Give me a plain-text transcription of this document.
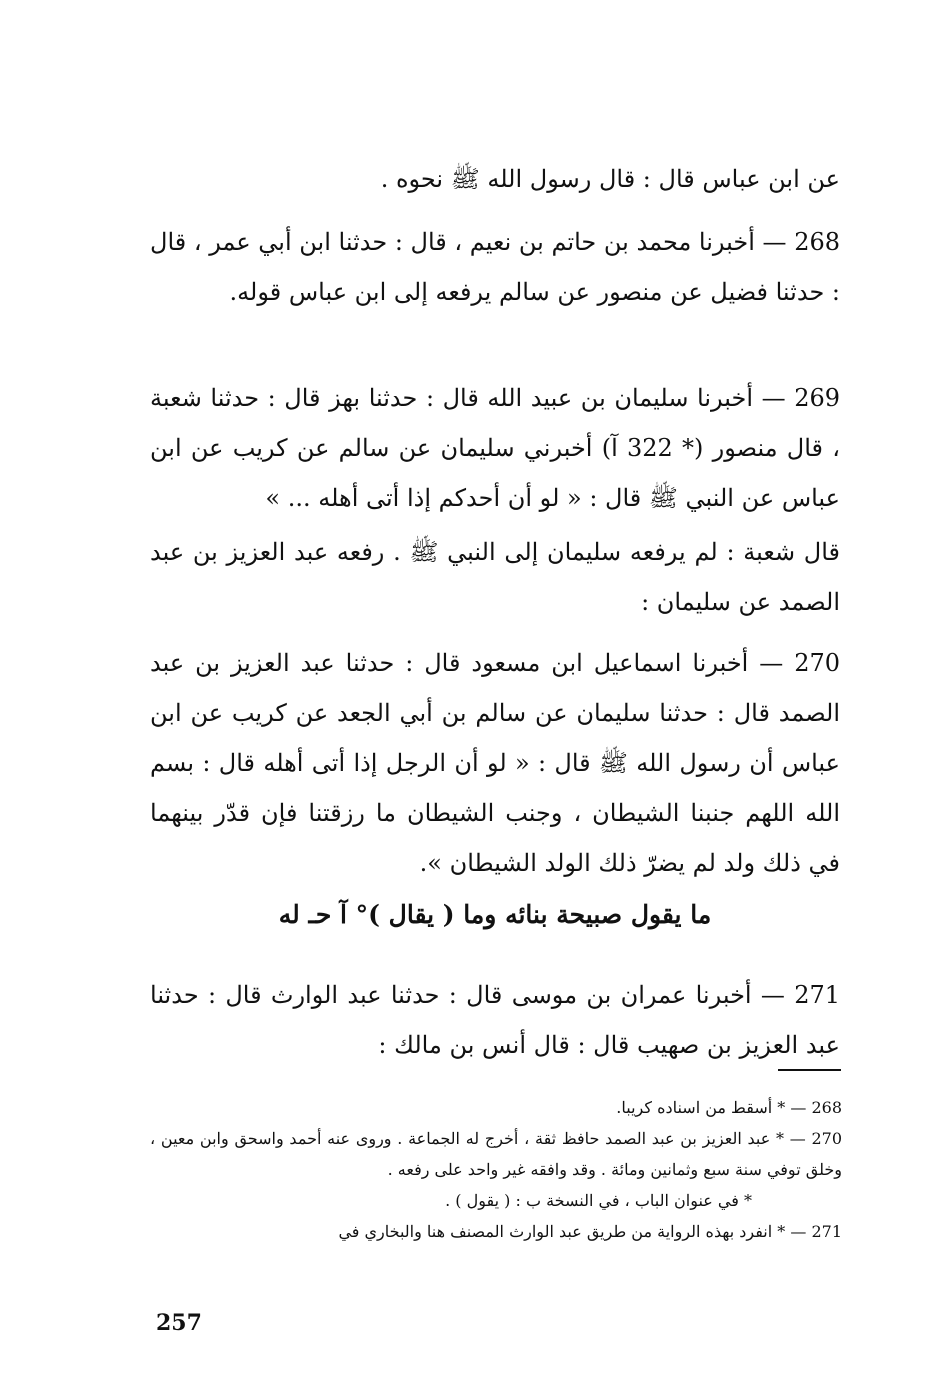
عن ابن عباس قال : قال رسول الله ﷺ نحوه .

268 — أخبرنا محمد بن حاتم بن نعيم ، قال : حدثنا ابن أبي عمر ، قال : حدثنا فضيل عن منصور عن سالم يرفعه إلى ابن عباس قوله.

269 — أخبرنا سليمان بن عبيد الله قال : حدثنا بهز قال : حدثنا شعبة ، قال منصور (* 322 آ) أخبرني سليمان عن سالم عن كريب عن ابن عباس عن النبي ﷺ قال : « لو أن أحدكم إذا أتى أهله ... »

قال شعبة : لم يرفعه سليمان إلى النبي ﷺ . رفعه عبد العزيز بن عبد الصمد عن سليمان :

270 — أخبرنا اسماعيل ابن مسعود قال : حدثنا عبد العزيز بن عبد الصمد قال : حدثنا سليمان عن سالم بن أبي الجعد عن كريب عن ابن عباس أن رسول الله ﷺ قال : « لو أن الرجل إذا أتى أهله قال : بسم الله اللهم جنبنا الشيطان ، وجنب الشيطان ما رزقتنا فإن قدّر بينهما في ذلك ولد لم يضرّ ذلك الولد الشيطان ».

ما يقول صبيحة بنائه وما ( يقال )° آ حـ له

271 — أخبرنا عمران بن موسى قال : حدثنا عبد الوارث قال : حدثنا عبد العزيز بن صهيب قال : قال أنس بن مالك :

268 — * أسقط من اسناده كريبا.

270 — * عبد العزيز بن عبد الصمد حافظ ثقة ، أخرج له الجماعة . وروى عنه أحمد واسحق وابن معين ، وخلق توفي سنة سبع وثمانين ومائة . وقد وافقه غير واحد على رفعه .

* في عنوان الباب ، في النسخة ب : ( يقول ) .

271 — * انفرد بهذه الرواية من طريق عبد الوارث المصنف هنا والبخاري في

257
